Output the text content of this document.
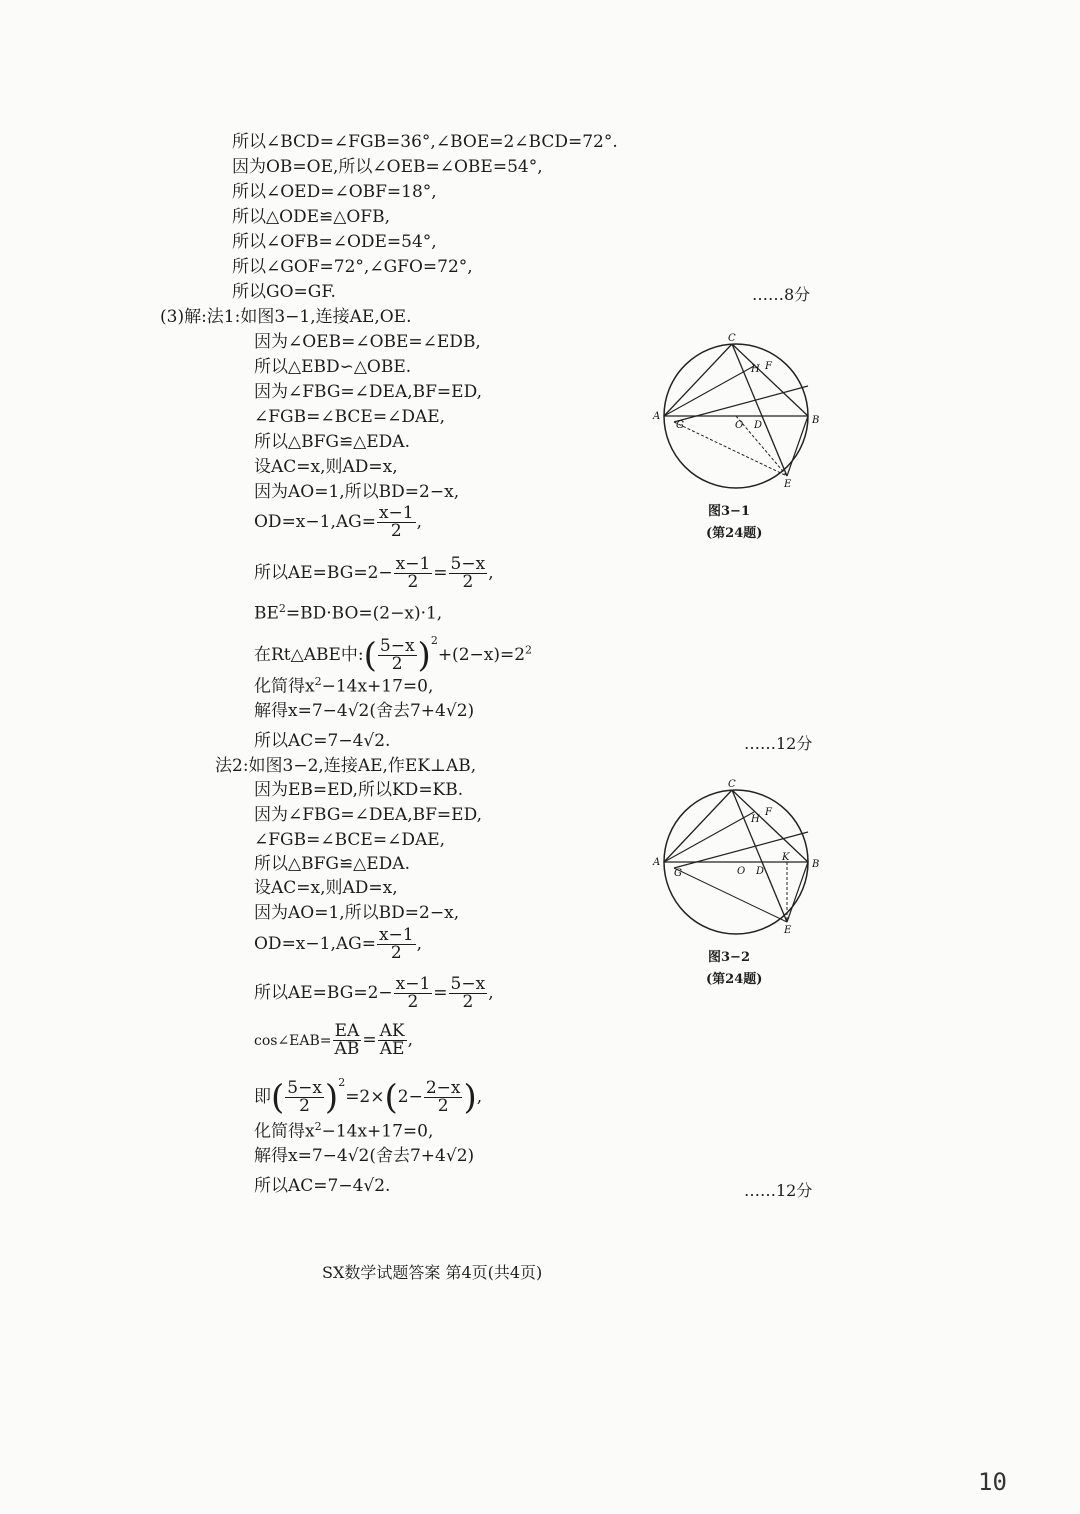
所以∠BCD=∠FGB=36°,∠BOE=2∠BCD=72°.
因为OB=OE,所以∠OEB=∠OBE=54°,
所以∠OED=∠OBF=18°,
所以△ODE≌△OFB,
所以∠OFB=∠ODE=54°,
所以∠GOF=72°,∠GFO=72°,
所以GO=GF.	……8分
(3)解:法1:如图3−1,连接AE,OE.
因为∠OEB=∠OBE=∠EDB,
所以△EBD∽△OBE.
因为∠FBG=∠DEA,BF=ED,
∠FGB=∠BCE=∠DAE,
所以△BFG≌△EDA.
设AC=x,则AD=x,
因为AO=1,所以BD=2−x,
$OD=x-1,AG= \frac{x-1}{2}$ ,
所以$AE=BG=2- \frac{x-1}{2} = \frac{5-x}{2}$ ,
$BE^2=BD\cdot BO=(2-x)\cdot 1$,
在Rt△ABE中:( $\frac{5-x}{2} )^2+(2-x)=2^2$
化简得$x^2-14x+17=0$,
解得x=7−4√2(舍去7+4√2)
所以AC=7−4√2.	……12分
C
H F
A	B
G	O D
E
图3−1
(第24题)
法2:如图3−2,连接AE,作EK⊥AB,
因为EB=ED,所以KD=KB.
因为∠FBG=∠DEA,BF=ED,
∠FGB=∠BCE=∠DAE,
所以△BFG≌△EDA.
设AC=x,则AD=x,
因为AO=1,所以BD=2−x,
$OD=x-1,AG= \frac{x-1}{2}$ ,
所以$AE=BG=2- \frac{x-1}{2} = \frac{5-x}{2}$ ,
cos∠EAB= $\frac{EA}{AB} = \frac{AK}{AE}$ ,
即( $\frac{5-x}{2} )^2=2\times(2- \frac{2-x}{2}$ ),
化简得$x^2-14x+17=0$,
解得x=7−4√2(舍去7+4√2)
所以AC=7−4√2.	……12分
C
H
F
A	B
K
G	O D
E
图3−2
(第24题)
SX数学试题答案 第4页(共4页)
10
